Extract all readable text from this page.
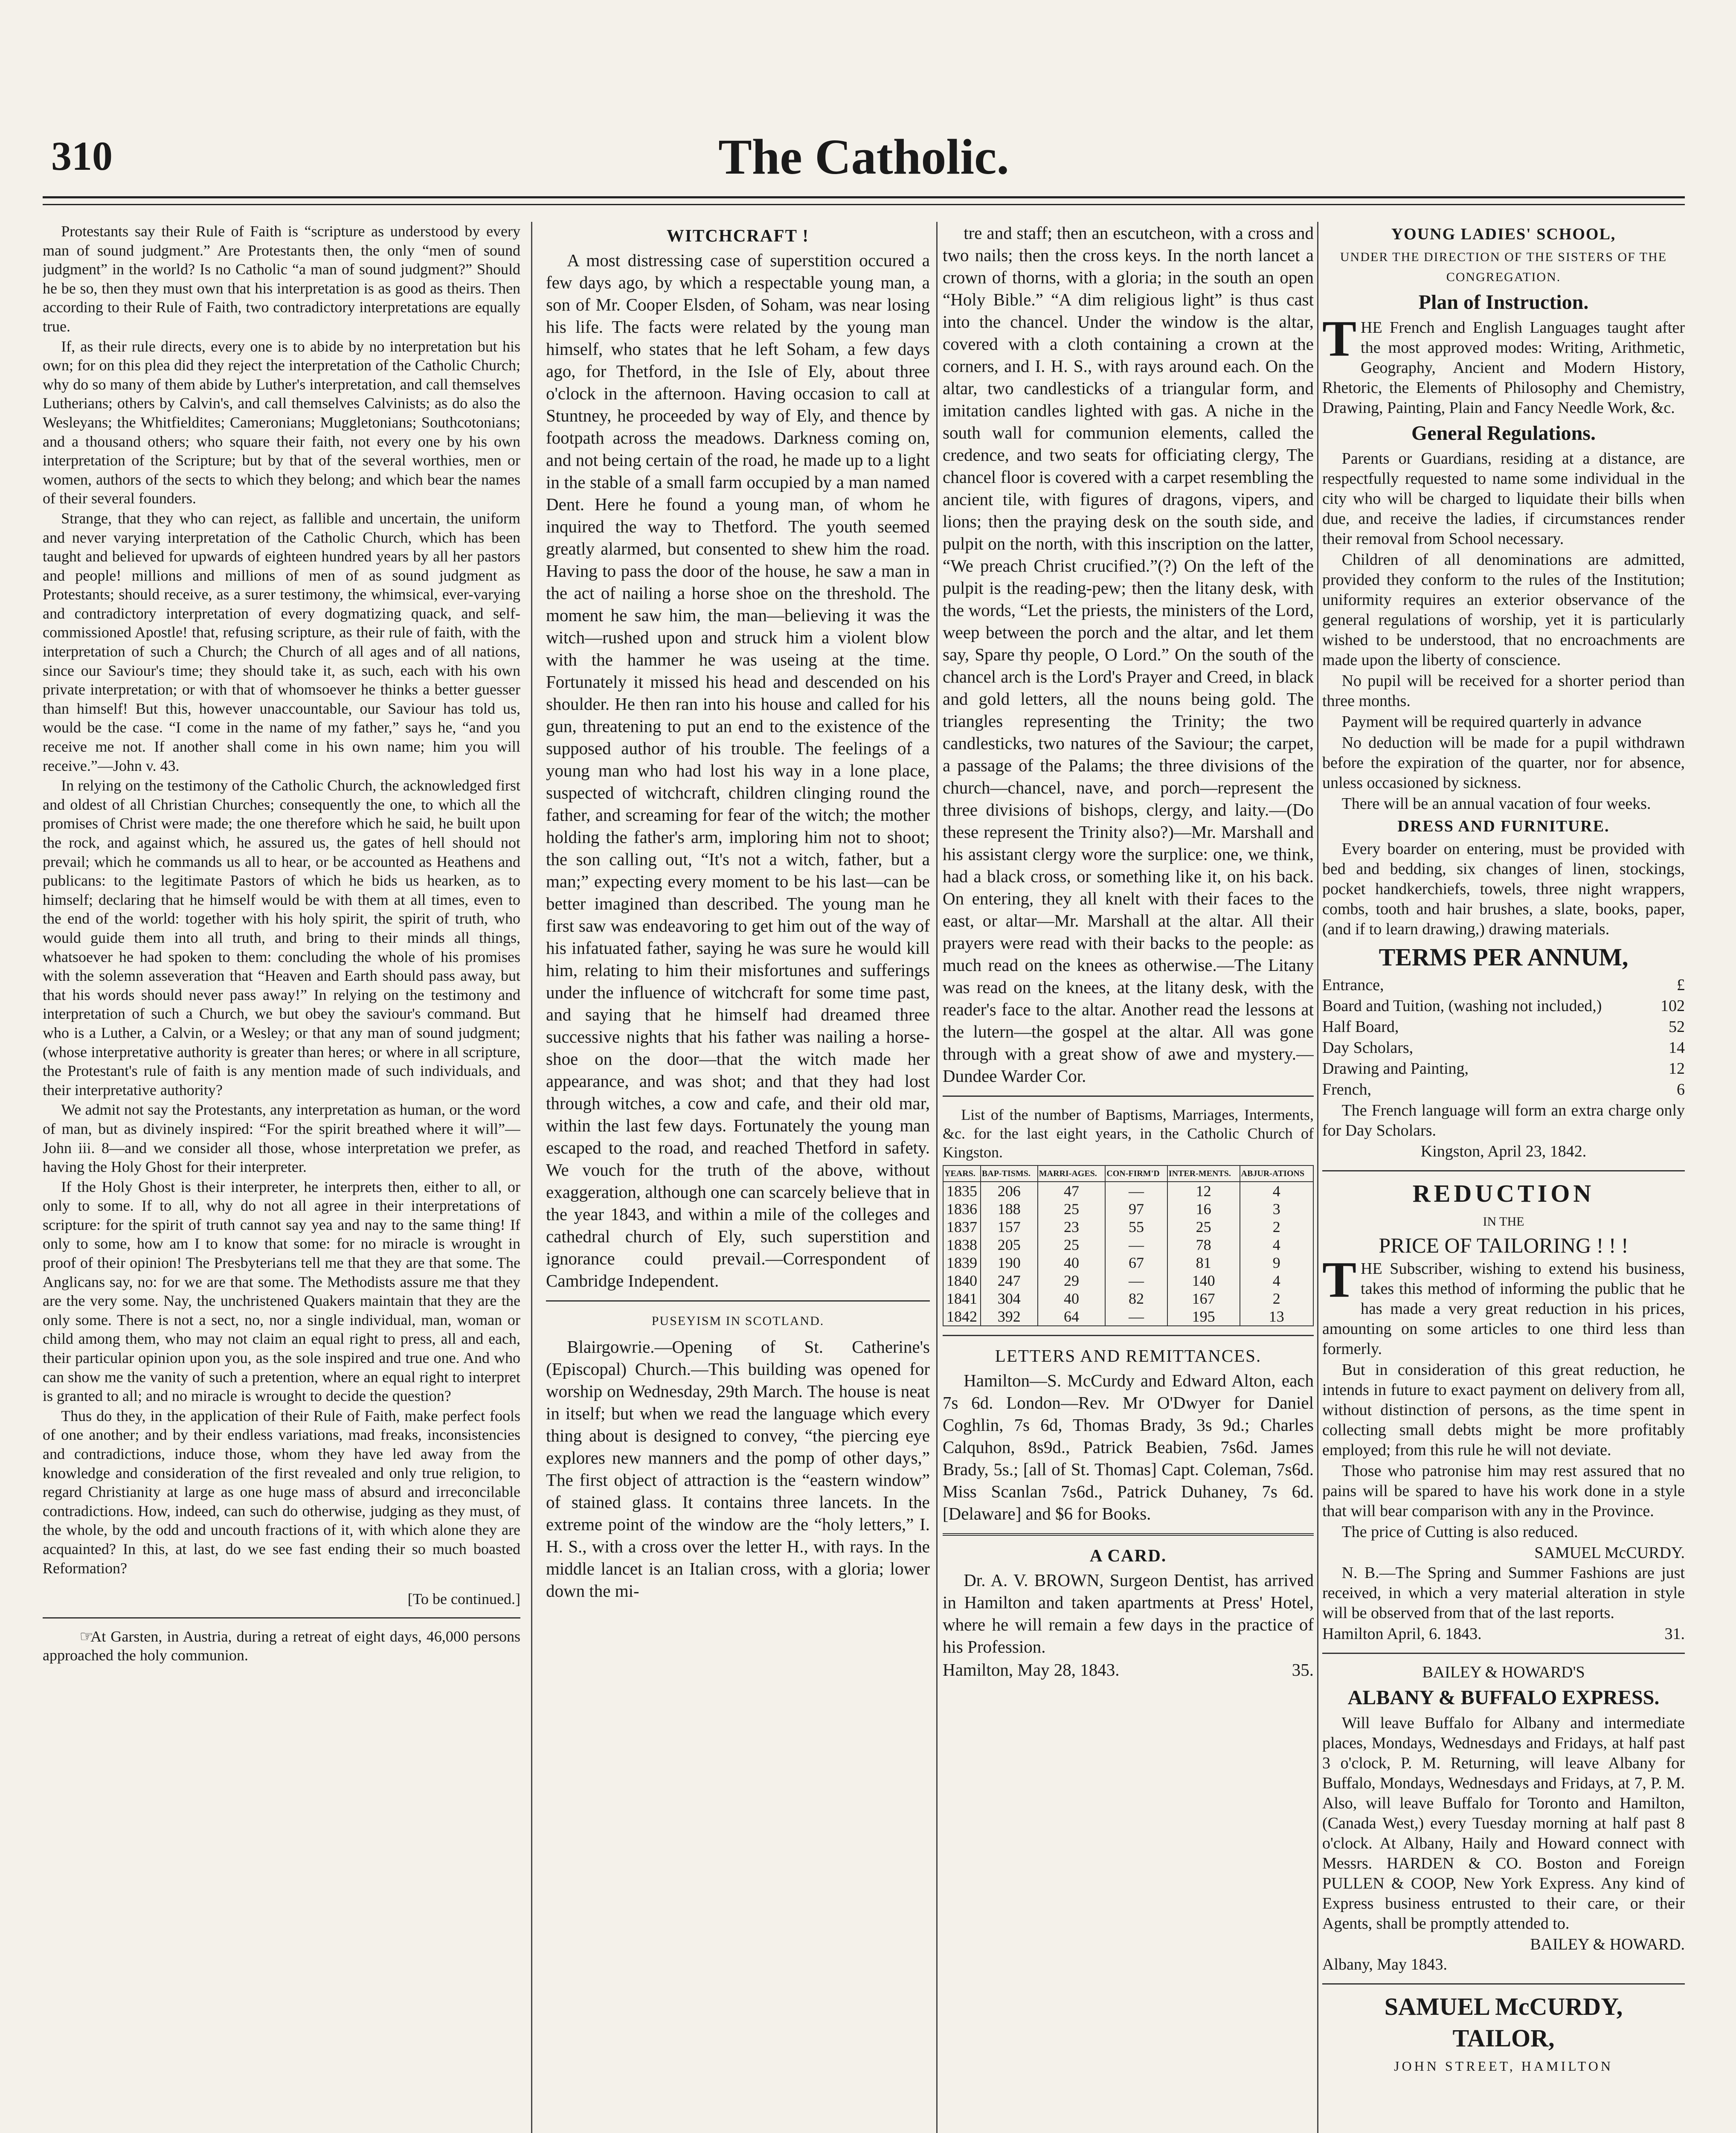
310	The Catholic.

Protestants say their Rule of Faith is “scripture as understood by every man of sound judgment.” Are Protestants then, the only “men of sound judgment” in the world? Is no Catholic “a man of sound judgment?” Should he be so, then they must own that his interpretation is as good as theirs. Then according to their Rule of Faith, two contradictory interpretations are equally true.

If, as their rule directs, every one is to abide by no interpretation but his own; for on this plea did they reject the interpretation of the Catholic Church; why do so many of them abide by Luther's interpretation, and call themselves Lutherians; others by Calvin's, and call themselves Calvinists; as do also the Wesleyans; the Whitfieldites; Cameronians; Muggletonians; Southcotonians; and a thousand others; who square their faith, not every one by his own interpretation of the Scripture; but by that of the several worthies, men or women, authors of the sects to which they belong; and which bear the names of their several founders.

Strange, that they who can reject, as fallible and uncertain, the uniform and never varying interpretation of the Catholic Church, which has been taught and believed for upwards of eighteen hundred years by all her pastors and people! millions and millions of men of as sound judgment as Protestants; should receive, as a surer testimony, the whimsical, ever-varying and contradictory interpretation of every dogmatizing quack, and self-commissioned Apostle! that, refusing scripture, as their rule of faith, with the interpretation of such a Church; the Church of all ages and of all nations, since our Saviour's time; they should take it, as such, each with his own private interpretation; or with that of whomsoever he thinks a better guesser than himself! But this, however unaccountable, our Saviour has told us, would be the case. “I come in the name of my father,” says he, “and you receive me not. If another shall come in his own name; him you will receive.”—John v. 43.

In relying on the testimony of the Catholic Church, the acknowledged first and oldest of all Christian Churches; consequently the one, to which all the promises of Christ were made; the one therefore which he said, he built upon the rock, and against which, he assured us, the gates of hell should not prevail; which he commands us all to hear, or be accounted as Heathens and publicans: to the legitimate Pastors of which he bids us hearken, as to himself; declaring that he himself would be with them at all times, even to the end of the world: together with his holy spirit, the spirit of truth, who would guide them into all truth, and bring to their minds all things, whatsoever he had spoken to them: concluding the whole of his promises with the solemn asseveration that “Heaven and Earth should pass away, but that his words should never pass away!” In relying on the testimony and interpretation of such a Church, we but obey the saviour's command. But who is a Luther, a Calvin, or a Wesley; or that any man of sound judgment; (whose interpretative authority is greater than heres; or where in all scripture, the Protestant's rule of faith is any mention made of such individuals, and their interpretative authority?

We admit not say the Protestants, any interpretation as human, or the word of man, but as divinely inspired: “For the spirit breathed where it will”—John iii. 8—and we consider all those, whose interpretation we prefer, as having the Holy Ghost for their interpreter.

If the Holy Ghost is their interpreter, he interprets then, either to all, or only to some. If to all, why do not all agree in their interpretations of scripture: for the spirit of truth cannot say yea and nay to the same thing! If only to some, how am I to know that some: for no miracle is wrought in proof of their opinion! The Presbyterians tell me that they are that some. The Anglicans say, no: for we are that some. The Methodists assure me that they are the very some. Nay, the unchristened Quakers maintain that they are the only some. There is not a sect, no, nor a single individual, man, woman or child among them, who may not claim an equal right to press, all and each, their particular opinion upon you, as the sole inspired and true one. And who can show me the vanity of such a pretention, where an equal right to interpret is granted to all; and no miracle is wrought to decide the question?

Thus do they, in the application of their Rule of Faith, make perfect fools of one another; and by their endless variations, mad freaks, inconsistencies and contradictions, induce those, whom they have led away from the knowledge and consideration of the first revealed and only true religion, to regard Christianity at large as one huge mass of absurd and irreconcilable contradictions. How, indeed, can such do otherwise, judging as they must, of the whole, by the odd and uncouth fractions of it, with which alone they are acquainted? In this, at last, do we see fast ending their so much boasted Reformation?

[To be continued.]

☞ At Garsten, in Austria, during a retreat of eight days, 46,000 persons approached the holy communion.

WITCHCRAFT !

A most distressing case of superstition occured a few days ago, by which a respectable young man, a son of Mr. Cooper Elsden, of Soham, was near losing his life. The facts were related by the young man himself, who states that he left Soham, a few days ago, for Thetford, in the Isle of Ely, about three o'clock in the afternoon. Having occasion to call at Stuntney, he proceeded by way of Ely, and thence by footpath across the meadows. Darkness coming on, and not being certain of the road, he made up to a light in the stable of a small farm occupied by a man named Dent. Here he found a young man, of whom he inquired the way to Thetford. The youth seemed greatly alarmed, but consented to shew him the road. Having to pass the door of the house, he saw a man in the act of nailing a horse shoe on the threshold. The moment he saw him, the man—believing it was the witch—rushed upon and struck him a violent blow with the hammer he was useing at the time. Fortunately it missed his head and descended on his shoulder. He then ran into his house and called for his gun, threatening to put an end to the existence of the supposed author of his trouble. The feelings of a young man who had lost his way in a lone place, suspected of witchcraft, children clinging round the father, and screaming for fear of the witch; the mother holding the father's arm, imploring him not to shoot; the son calling out, “It's not a witch, father, but a man;” expecting every moment to be his last—can be better imagined than described. The young man he first saw was endeavoring to get him out of the way of his infatuated father, saying he was sure he would kill him, relating to him their misfortunes and sufferings under the influence of witchcraft for some time past, and saying that he himself had dreamed three successive nights that his father was nailing a horse-shoe on the door—that the witch made her appearance, and was shot; and that they had lost through witches, a cow and cafe, and their old mar, within the last few days. Fortunately the young man escaped to the road, and reached Thetford in safety. We vouch for the truth of the above, without exaggeration, although one can scarcely believe that in the year 1843, and within a mile of the colleges and cathedral church of Ely, such superstition and ignorance could prevail.—Correspondent of Cambridge Independent.

PUSEYISM IN SCOTLAND.

Blairgowrie.—Opening of St. Catherine's (Episcopal) Church.—This building was opened for worship on Wednesday, 29th March. The house is neat in itself; but when we read the language which every thing about is designed to convey, “the piercing eye explores new manners and the pomp of other days,” The first object of attraction is the “eastern window” of stained glass. It contains three lancets. In the extreme point of the window are the “holy letters,” I. H. S., with a cross over the letter H., with rays. In the middle lancet is an Italian cross, with a gloria; lower down the mi-

tre and staff; then an escutcheon, with a cross and two nails; then the cross keys. In the north lancet a crown of thorns, with a gloria; in the south an open “Holy Bible.” “A dim religious light” is thus cast into the chancel. Under the window is the altar, covered with a cloth containing a crown at the corners, and I. H. S., with rays around each. On the altar, two candlesticks of a triangular form, and imitation candles lighted with gas. A niche in the south wall for communion elements, called the credence, and two seats for officiating clergy, The chancel floor is covered with a carpet resembling the ancient tile, with figures of dragons, vipers, and lions; then the praying desk on the south side, and pulpit on the north, with this inscription on the latter, “We preach Christ crucified.”(?) On the left of the pulpit is the reading-pew; then the litany desk, with the words, “Let the priests, the ministers of the Lord, weep between the porch and the altar, and let them say, Spare thy people, O Lord.” On the south of the chancel arch is the Lord's Prayer and Creed, in black and gold letters, all the nouns being gold. The triangles representing the Trinity; the two candlesticks, two natures of the Saviour; the carpet, a passage of the Palams; the three divisions of the church—chancel, nave, and porch—represent the three divisions of bishops, clergy, and laity.—(Do these represent the Trinity also?)—Mr. Marshall and his assistant clergy wore the surplice: one, we think, had a black cross, or something like it, on his back. On entering, they all knelt with their faces to the east, or altar—Mr. Marshall at the altar. All their prayers were read with their backs to the people: as much read on the knees as otherwise.—The Litany was read on the knees, at the litany desk, with the reader's face to the altar. Another read the lessons at the lutern—the gospel at the altar. All was gone through with a great show of awe and mystery.—Dundee Warder Cor.

List of the number of Baptisms, Marriages, Interments, &c. for the last eight years, in the Catholic Church of Kingston.

YEARS.	BAP-TISMS.	MARRI-AGES.	CON-FIRM'D	INTER-MENTS.	ABJUR-ATIONS
1835	206	47	—	12	4
1836	188	25	97	16	3
1837	157	23	55	25	2
1838	205	25	—	78	4
1839	190	40	67	81	9
1840	247	29	—	140	4
1841	304	40	82	167	2
1842	392	64	—	195	13

LETTERS AND REMITTANCES.

Hamilton—S. McCurdy and Edward Alton, each 7s 6d. London—Rev. Mr O'Dwyer for Daniel Coghlin, 7s 6d, Thomas Brady, 3s 9d.; Charles Calquhon, 8s9d., Patrick Beabien, 7s6d. James Brady, 5s.; [all of St. Thomas] Capt. Coleman, 7s6d. Miss Scanlan 7s6d., Patrick Duhaney, 7s 6d.[Delaware] and $6 for Books.

A CARD.

Dr. A. V. BROWN, Surgeon Dentist, has arrived in Hamilton and taken apartments at Press' Hotel, where he will remain a few days in the practice of his Profession.

Hamilton, May 28, 1843.	35.

YOUNG LADIES' SCHOOL,

UNDER THE DIRECTION OF THE SISTERS OF THE CONGREGATION.

Plan of Instruction.

THE French and English Languages taught after the most approved modes: Writing, Arithmetic, Geography, Ancient and Modern History, Rhetoric, the Elements of Philosophy and Chemistry, Drawing, Painting, Plain and Fancy Needle Work, &c.

General Regulations.

Parents or Guardians, residing at a distance, are respectfully requested to name some individual in the city who will be charged to liquidate their bills when due, and receive the ladies, if circumstances render their removal from School necessary.

Children of all denominations are admitted, provided they conform to the rules of the Institution; uniformity requires an exterior observance of the general regulations of worship, yet it is particularly wished to be understood, that no encroachments are made upon the liberty of conscience.

No pupil will be received for a shorter period than three months.

Payment will be required quarterly in advance

No deduction will be made for a pupil withdrawn before the expiration of the quarter, nor for absence, unless occasioned by sickness.

There will be an annual vacation of four weeks.

DRESS AND FURNITURE.

Every boarder on entering, must be provided with bed and bedding, six changes of linen, stockings, pocket handkerchiefs, towels, three night wrappers, combs, tooth and hair brushes, a slate, books, paper, (and if to learn drawing,) drawing materials.

TERMS PER ANNUM,

Entrance,	£

Board and Tuition, (washing not included,)	102

Half Board,	52

Day Scholars,	14

Drawing and Painting,	12

French,	6

The French language will form an extra charge only for Day Scholars.

Kingston, April 23, 1842.

REDUCTION

IN THE

PRICE OF TAILORING ! ! !

THE Subscriber, wishing to extend his business, takes this method of informing the public that he has made a very great reduction in his prices, amounting on some articles to one third less than formerly.

But in consideration of this great reduction, he intends in future to exact payment on delivery from all, without distinction of persons, as the time spent in collecting small debts might be more profitably employed; from this rule he will not deviate.

Those who patronise him may rest assured that no pains will be spared to have his work done in a style that will bear comparison with any in the Province.

The price of Cutting is also reduced.

SAMUEL McCURDY.

N. B.—The Spring and Summer Fashions are just received, in which a very material alteration in style will be observed from that of the last reports.

Hamilton April, 6. 1843.	31.

BAILEY & HOWARD'S

ALBANY & BUFFALO EXPRESS.

Will leave Buffalo for Albany and intermediate places, Mondays, Wednesdays and Fridays, at half past 3 o'clock, P. M. Returning, will leave Albany for Buffalo, Mondays, Wednesdays and Fridays, at 7, P. M. Also, will leave Buffalo for Toronto and Hamilton, (Canada West,) every Tuesday morning at half past 8 o'clock. At Albany, Haily and Howard connect with Messrs. HARDEN & CO. Boston and Foreign PULLEN & COOP, New York Express. Any kind of Express business entrusted to their care, or their Agents, shall be promptly attended to.

BAILEY & HOWARD.

Albany, May 1843.

SAMUEL McCURDY,

TAILOR,

JOHN STREET, HAMILTON
